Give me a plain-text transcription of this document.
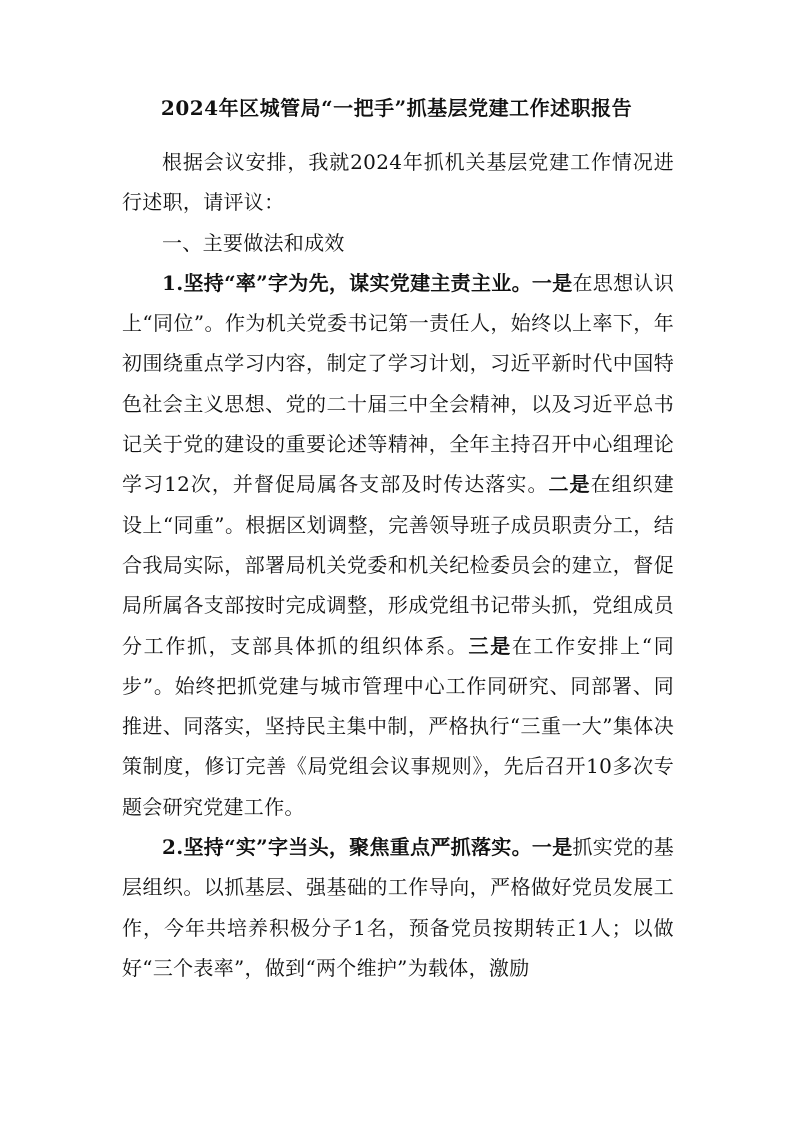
2024年区城管局“一把手”抓基层党建工作述职报告

根据会议安排，我就2024年抓机关基层党建工作情况进行述职，请评议：

一、主要做法和成效

1.坚持“率”字为先，谋实党建主责主业。一是在思想认识上“同位”。作为机关党委书记第一责任人，始终以上率下，年初围绕重点学习内容，制定了学习计划，习近平新时代中国特色社会主义思想、党的二十届三中全会精神，以及习近平总书记关于党的建设的重要论述等精神，全年主持召开中心组理论学习12次，并督促局属各支部及时传达落实。二是在组织建设上“同重”。根据区划调整，完善领导班子成员职责分工，结合我局实际，部署局机关党委和机关纪检委员会的建立，督促局所属各支部按时完成调整，形成党组书记带头抓，党组成员分工作抓，支部具体抓的组织体系。三是在工作安排上“同步”。始终把抓党建与城市管理中心工作同研究、同部署、同推进、同落实，坚持民主集中制，严格执行“三重一大”集体决策制度，修订完善《局党组会议事规则》，先后召开10多次专题会研究党建工作。

2.坚持“实”字当头，聚焦重点严抓落实。一是抓实党的基层组织。以抓基层、强基础的工作导向，严格做好党员发展工作，今年共培养积极分子1名，预备党员按期转正1人；以做好“三个表率”，做到“两个维护”为载体，激励
